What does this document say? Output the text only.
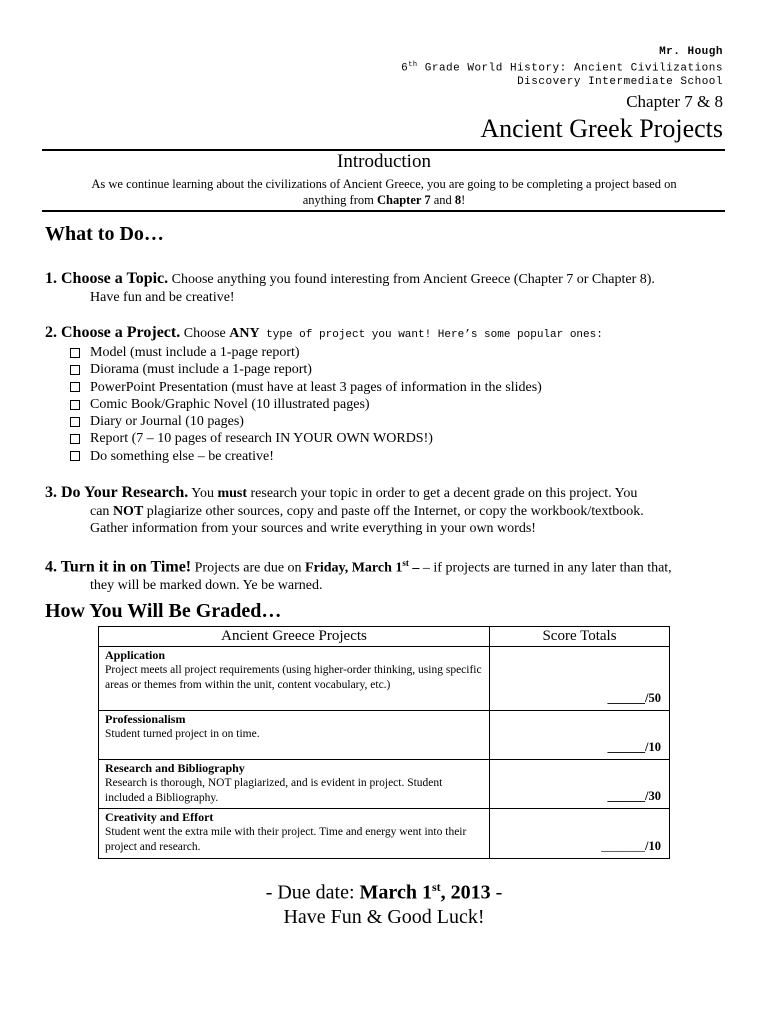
Mr. Hough
6th Grade World History: Ancient Civilizations
Discovery Intermediate School
Chapter 7 & 8
Ancient Greek Projects
Introduction
As we continue learning about the civilizations of Ancient Greece, you are going to be completing a project based on
anything from Chapter 7 and 8!
What to Do…
1. Choose a Topic. Choose anything you found interesting from Ancient Greece (Chapter 7 or Chapter 8).
Have fun and be creative!
2. Choose a Project. Choose ANY type of project you want! Here’s some popular ones:
Model (must include a 1-page report)
Diorama (must include a 1-page report)
PowerPoint Presentation (must have at least 3 pages of information in the slides)
Comic Book/Graphic Novel (10 illustrated pages)
Diary or Journal (10 pages)
Report (7 – 10 pages of research IN YOUR OWN WORDS!)
Do something else – be creative!
3. Do Your Research. You must research your topic in order to get a decent grade on this project. You
can NOT plagiarize other sources, copy and paste off the Internet, or copy the workbook/textbook.
Gather information from your sources and write everything in your own words!
4. Turn it in on Time! Projects are due on Friday, March 1st – – if projects are turned in any later than that,
they will be marked down. Ye be warned.
How You Will Be Graded…
Ancient Greece Projects	Score Totals

Application
Project meets all project requirements (using higher-order thinking, using specific areas or themes from within the unit, content vocabulary, etc.)	______/50

Professionalism
Student turned project in on time.	______/10

Research and Bibliography
Research is thorough, NOT plagiarized, and is evident in project. Student included a Bibliography.	______/30

Creativity and Effort
Student went the extra mile with their project. Time and energy went into their project and research.	_______/10
- Due date: March 1st, 2013 -
Have Fun & Good Luck!
